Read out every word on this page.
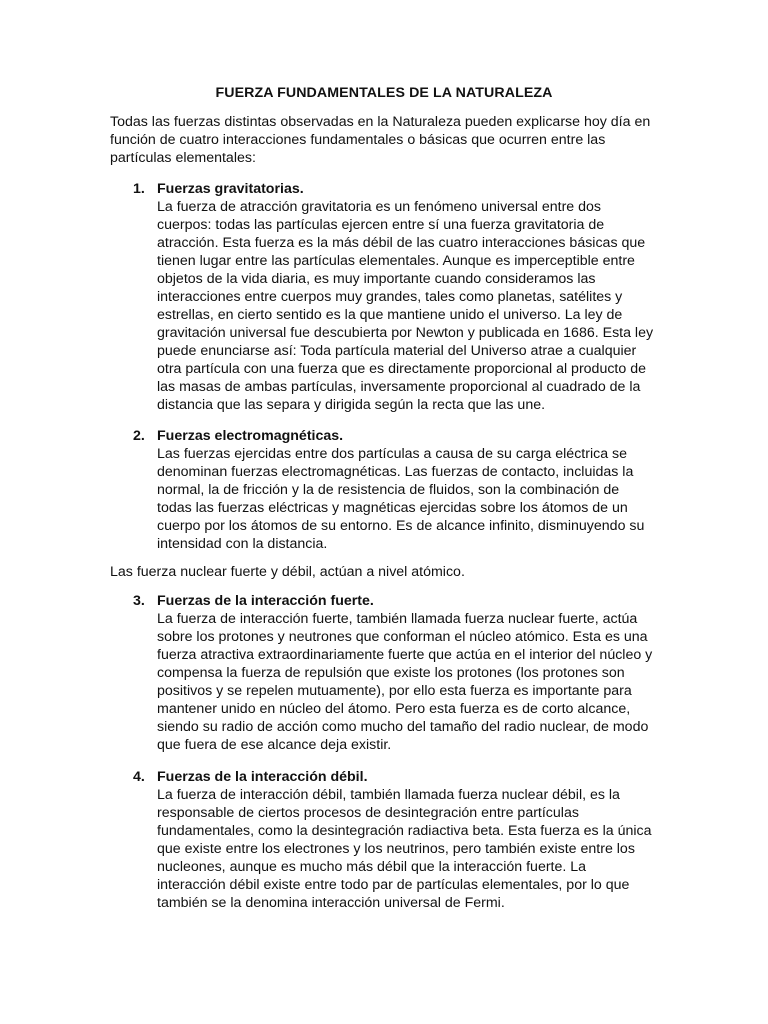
FUERZA FUNDAMENTALES DE LA NATURALEZA

Todas las fuerzas distintas observadas en la Naturaleza pueden explicarse hoy día en función de cuatro interacciones fundamentales o básicas que ocurren entre las partículas elementales:

1. Fuerzas gravitatorias.
La fuerza de atracción gravitatoria es un fenómeno universal entre dos cuerpos: todas las partículas ejercen entre sí una fuerza gravitatoria de atracción. Esta fuerza es la más débil de las cuatro interacciones básicas que tienen lugar entre las partículas elementales. Aunque es imperceptible entre objetos de la vida diaria, es muy importante cuando consideramos las interacciones entre cuerpos muy grandes, tales como planetas, satélites y estrellas, en cierto sentido es la que mantiene unido el universo. La ley de gravitación universal fue descubierta por Newton y publicada en 1686. Esta ley puede enunciarse así: Toda partícula material del Universo atrae a cualquier otra partícula con una fuerza que es directamente proporcional al producto de las masas de ambas partículas, inversamente proporcional al cuadrado de la distancia que las separa y dirigida según la recta que las une.
2. Fuerzas electromagnéticas.
Las fuerzas ejercidas entre dos partículas a causa de su carga eléctrica se denominan fuerzas electromagnéticas. Las fuerzas de contacto, incluidas la normal, la de fricción y la de resistencia de fluidos, son la combinación de todas las fuerzas eléctricas y magnéticas ejercidas sobre los átomos de un cuerpo por los átomos de su entorno. Es de alcance infinito, disminuyendo su intensidad con la distancia.

Las fuerza nuclear fuerte y débil, actúan a nivel atómico.

3. Fuerzas de la interacción fuerte.
La fuerza de interacción fuerte, también llamada fuerza nuclear fuerte, actúa sobre los protones y neutrones que conforman el núcleo atómico. Esta es una fuerza atractiva extraordinariamente fuerte que actúa en el interior del núcleo y compensa la fuerza de repulsión que existe los protones (los protones son positivos y se repelen mutuamente), por ello esta fuerza es importante para mantener unido en núcleo del átomo. Pero esta fuerza es de corto alcance, siendo su radio de acción como mucho del tamaño del radio nuclear, de modo que fuera de ese alcance deja existir.
4. Fuerzas de la interacción débil.
La fuerza de interacción débil, también llamada fuerza nuclear débil, es la responsable de ciertos procesos de desintegración entre partículas fundamentales, como la desintegración radiactiva beta. Esta fuerza es la única que existe entre los electrones y los neutrinos, pero también existe entre los nucleones, aunque es mucho más débil que la interacción fuerte. La interacción débil existe entre todo par de partículas elementales, por lo que también se la denomina interacción universal de Fermi.
